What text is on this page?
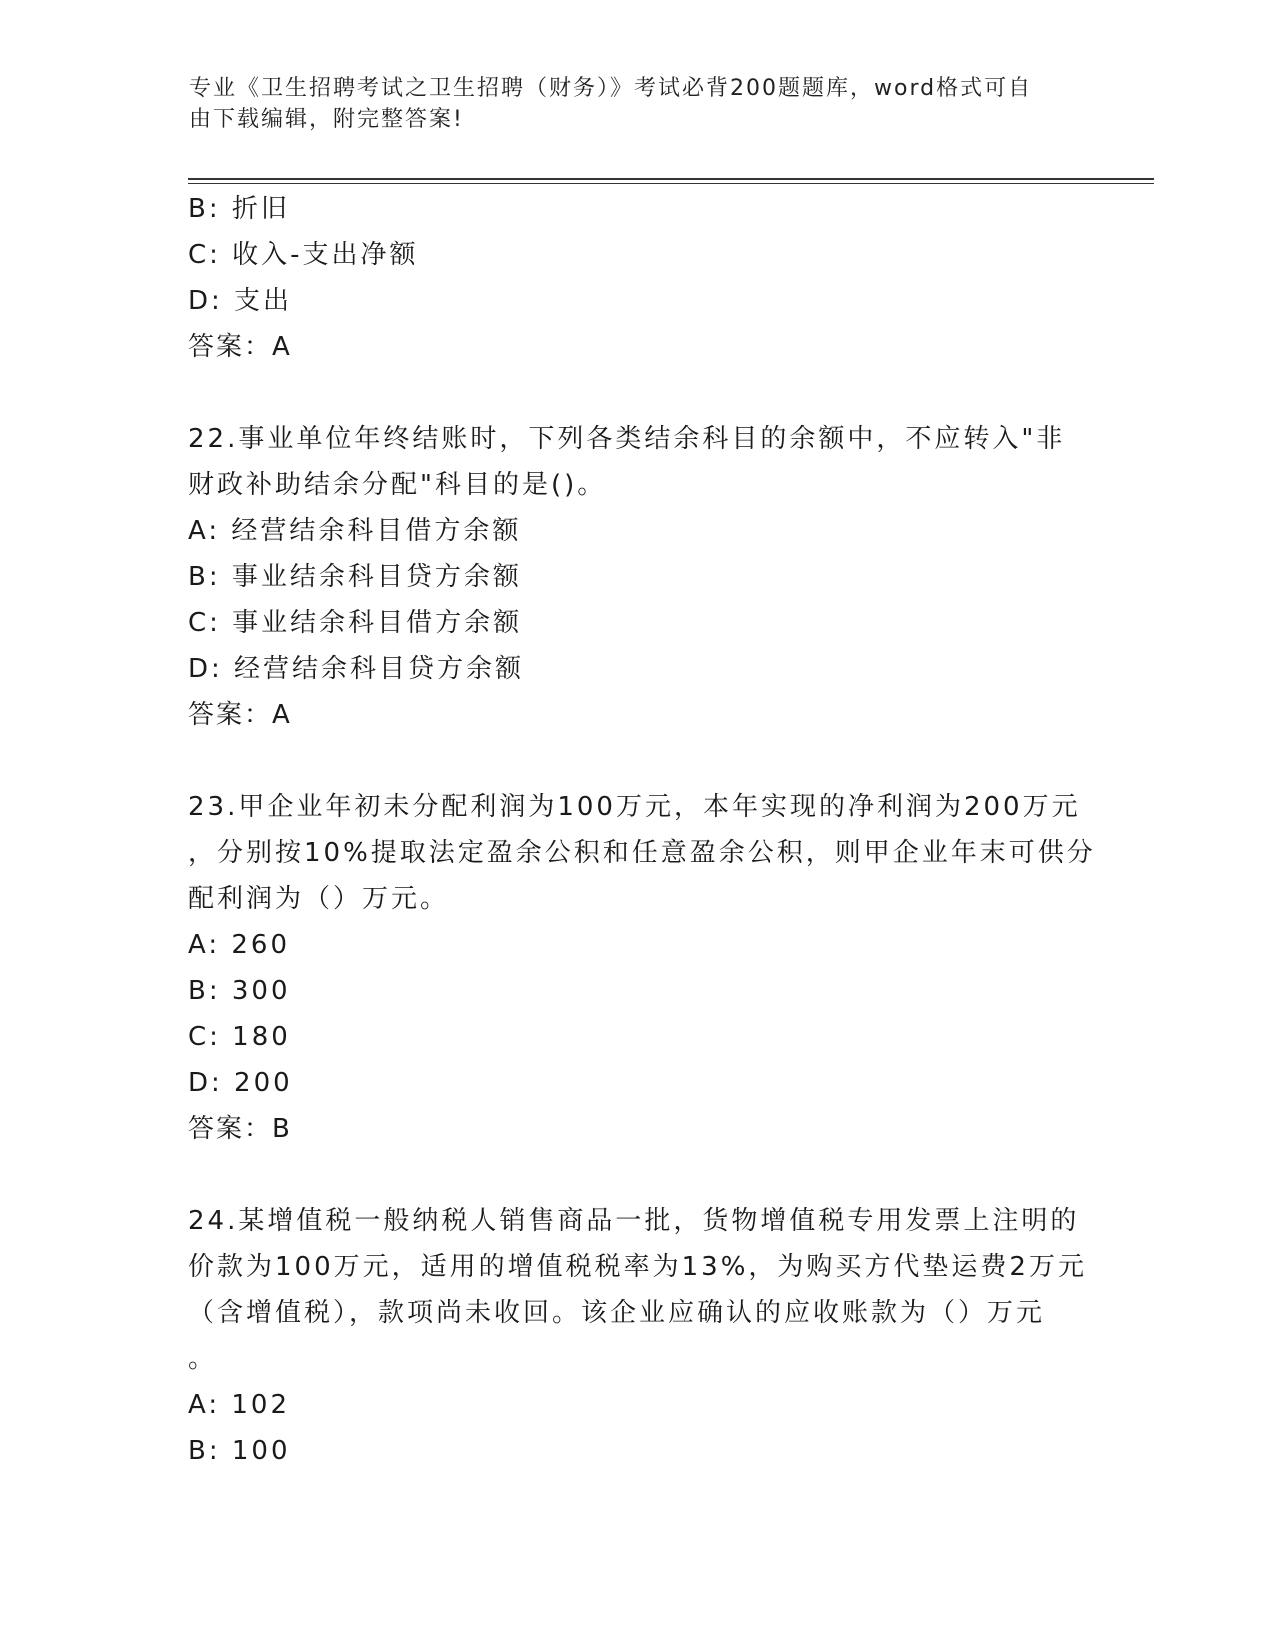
专业《卫生招聘考试之卫生招聘（财务）》考试必背200题题库，word格式可自
由下载编辑，附完整答案!
B: 折旧
C: 收入-支出净额
D: 支出
答案：A
22.事业单位年终结账时，下列各类结余科目的余额中，不应转入"非
财政补助结余分配"科目的是()。
A: 经营结余科目借方余额
B: 事业结余科目贷方余额
C: 事业结余科目借方余额
D: 经营结余科目贷方余额
答案：A
23.甲企业年初未分配利润为100万元，本年实现的净利润为200万元
，分别按10%提取法定盈余公积和任意盈余公积，则甲企业年末可供分
配利润为（）万元。
A: 260
B: 300
C: 180
D: 200
答案：B
24.某增值税一般纳税人销售商品一批，货物增值税专用发票上注明的
价款为100万元，适用的增值税税率为13%，为购买方代垫运费2万元
（含增值税），款项尚未收回。该企业应确认的应收账款为（）万元
。
A: 102
B: 100
